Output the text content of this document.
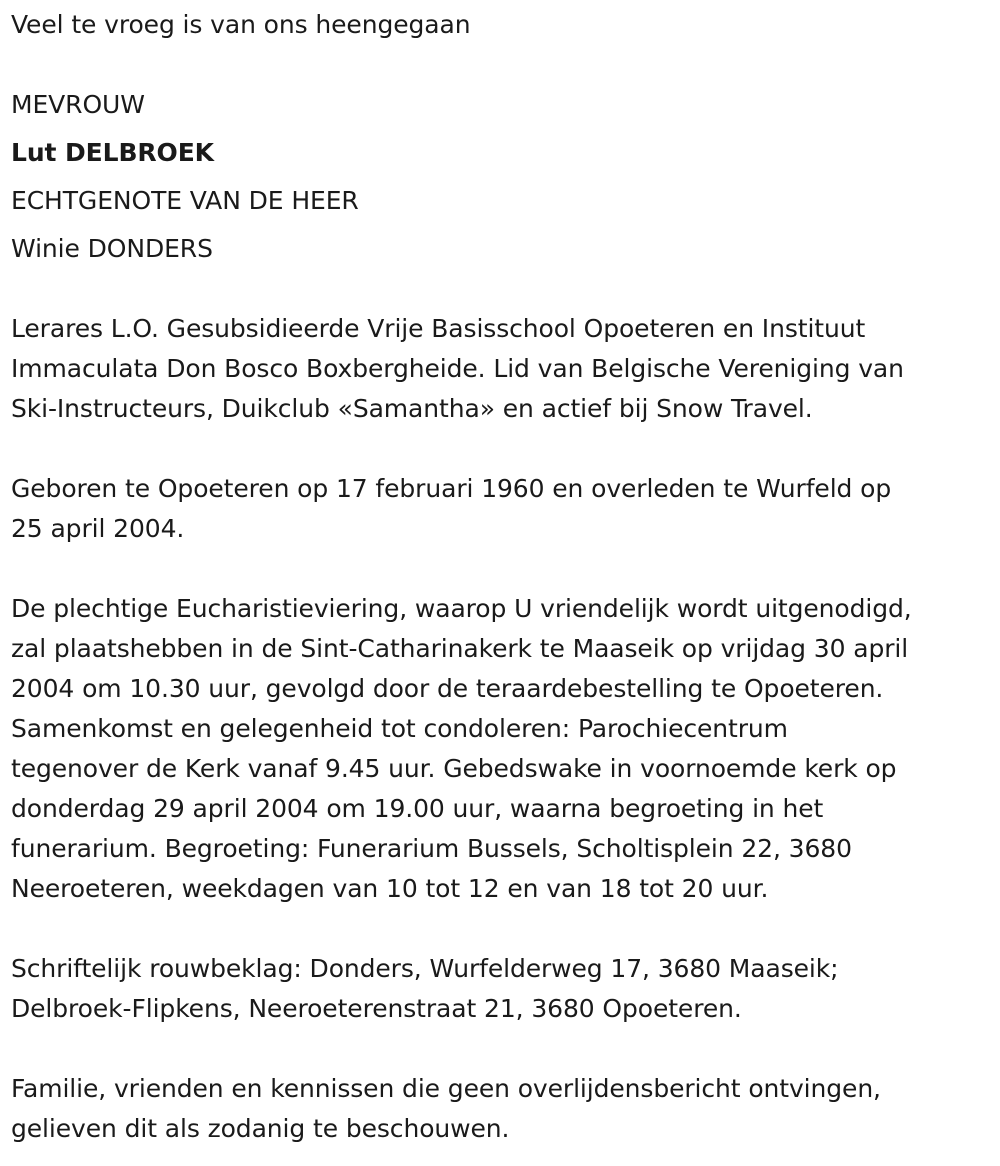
Veel te vroeg is van ons heengegaan
MEVROUW
Lut DELBROEK
ECHTGENOTE VAN DE HEER
Winie DONDERS
Lerares L.O. Gesubsidieerde Vrije Basisschool Opoeteren en Instituut
Immaculata Don Bosco Boxbergheide. Lid van Belgische Vereniging van
Ski-Instructeurs, Duikclub «Samantha» en actief bij Snow Travel.
Geboren te Opoeteren op 17 februari 1960 en overleden te Wurfeld op
25 april 2004.
De plechtige Eucharistieviering, waarop U vriendelijk wordt uitgenodigd,
zal plaatshebben in de Sint-Catharinakerk te Maaseik op vrijdag 30 april
2004 om 10.30 uur, gevolgd door de teraardebestelling te Opoeteren.
Samenkomst en gelegenheid tot condoleren: Parochiecentrum
tegenover de Kerk vanaf 9.45 uur. Gebedswake in voornoemde kerk op
donderdag 29 april 2004 om 19.00 uur, waarna begroeting in het
funerarium. Begroeting: Funerarium Bussels, Scholtisplein 22, 3680
Neeroeteren, weekdagen van 10 tot 12 en van 18 tot 20 uur.
Schriftelijk rouwbeklag: Donders, Wurfelderweg 17, 3680 Maaseik;
Delbroek-Flipkens, Neeroeterenstraat 21, 3680 Opoeteren.
Familie, vrienden en kennissen die geen overlijdensbericht ontvingen,
gelieven dit als zodanig te beschouwen.
